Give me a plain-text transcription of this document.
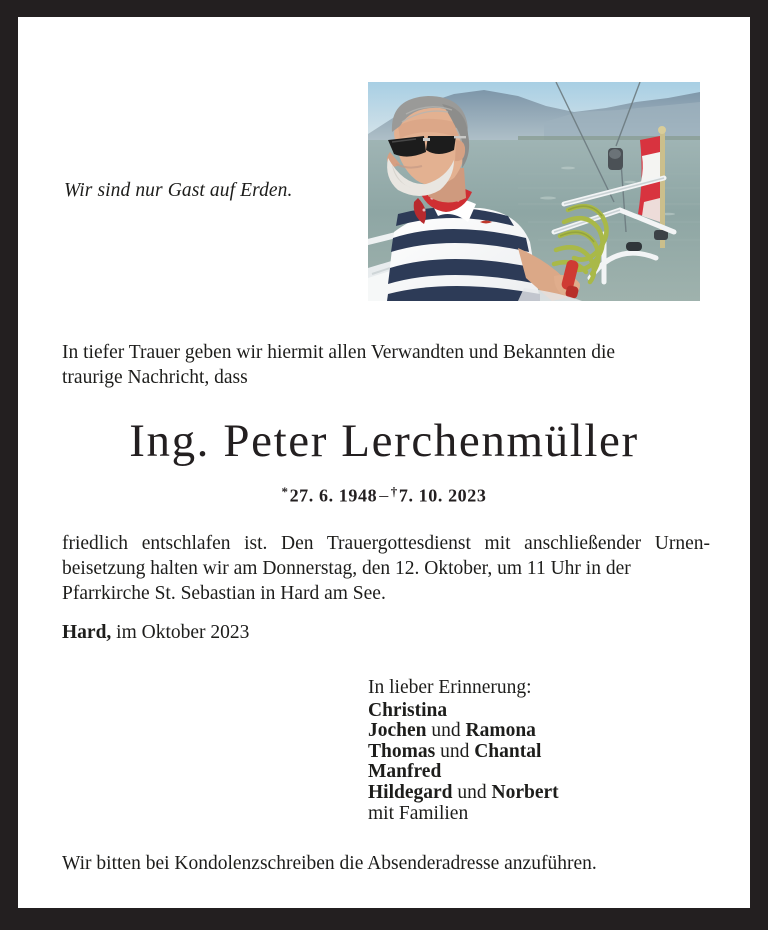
Wir sind nur Gast auf Erden.
In tiefer Trauer geben wir hiermit allen Verwandten und Bekannten die
traurige Nachricht, dass
Ing. Peter Lerchenmüller
*27. 6. 1948 – †7. 10. 2023
friedlich entschlafen ist. Den Trauergottesdienst mit anschließender Urnen- beisetzung halten wir am Donnerstag, den 12. Oktober, um 11 Uhr in der
Pfarrkirche St. Sebastian in Hard am See.
Hard, im Oktober 2023
In lieber Erinnerung:
Christina
Jochen und Ramona
Thomas und Chantal
Manfred
Hildegard und Norbert
mit Familien
Wir bitten bei Kondolenzschreiben die Absenderadresse anzuführen.
